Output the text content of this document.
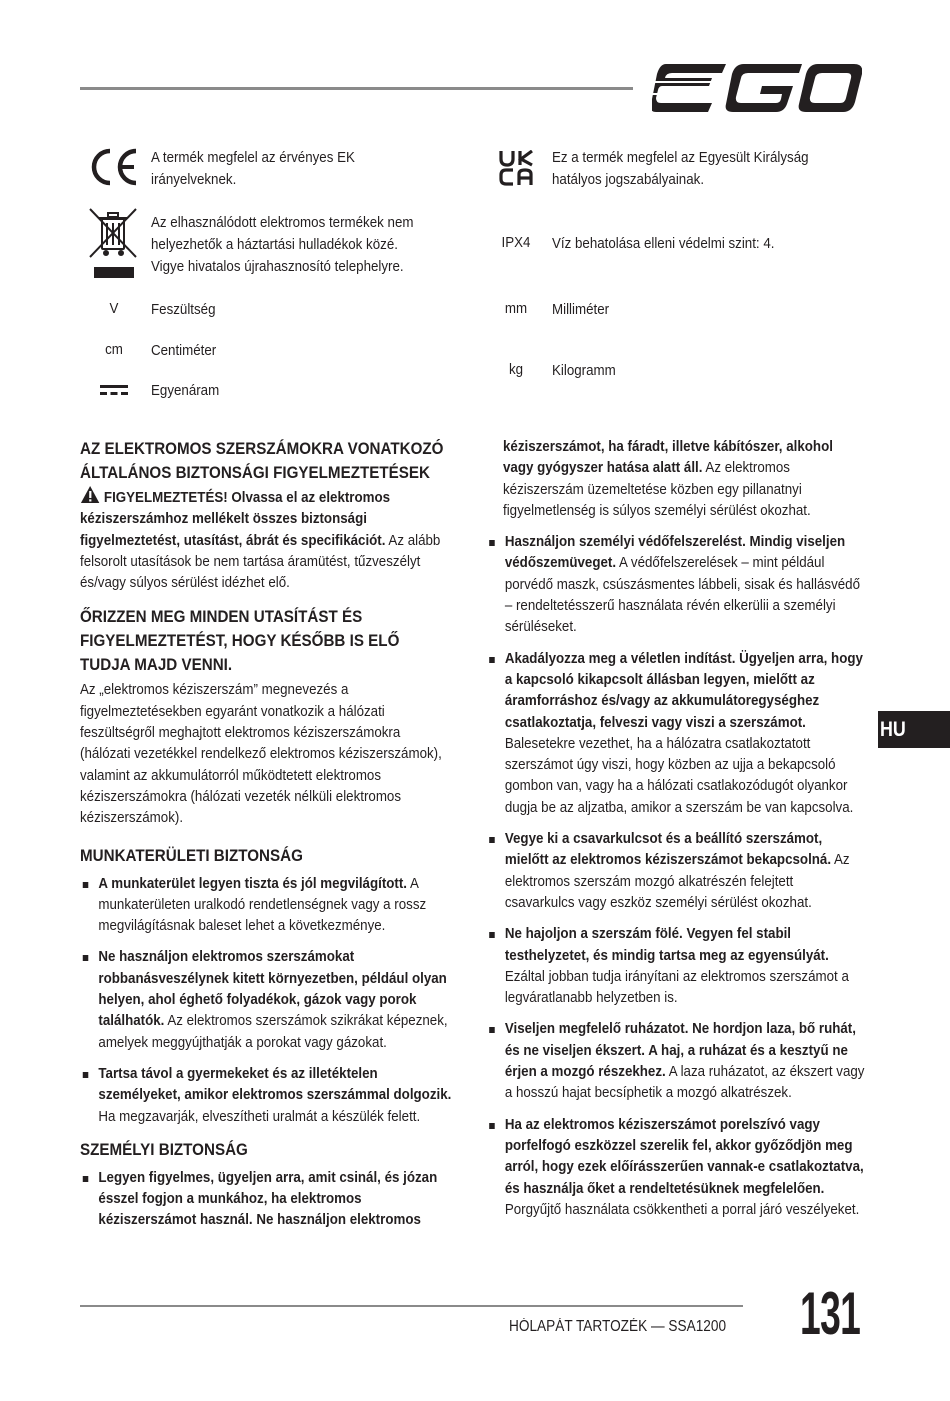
A termék megfelel az érvényes EK
irányelveknek.
Az elhasználódott elektromos termékek nem
helyezhetők a háztartási hulladékok közé.
Vigye hivatalos újrahasznosító telephelyre.
V	Feszültség
cm	Centiméter
Egyenáram
Ez a termék megfelel az Egyesült Királyság
hatályos jogszabályainak.
IPX4	Víz behatolása elleni védelmi szint: 4.
mm	Milliméter
kg	Kilogramm
AZ ELEKTROMOS SZERSZÁMOKRA VONATKOZÓ ÁLTALÁNOS BIZTONSÁGI FIGYELMEZTETÉSEK

FIGYELMEZTETÉS! Olvassa el az elektromos kéziszerszámhoz mellékelt összes biztonsági figyelmeztetést, utasítást, ábrát és specifikációt. Az alább felsorolt utasítások be nem tartása áramütést, tűzveszélyt és/vagy súlyos sérülést idézhet elő.

ŐRIZZEN MEG MINDEN UTASÍTÁST ÉS FIGYELMEZTETÉST, HOGY KÉSŐBB IS ELŐ TUDJA MAJD VENNI.

Az „elektromos kéziszerszám” megnevezés a figyelmeztetésekben egyaránt vonatkozik a hálózati feszültségről meghajtott elektromos kéziszerszámokra (hálózati vezetékkel rendelkező elektromos kéziszerszámok), valamint az akkumulátorról működtetett elektromos kéziszerszámokra (hálózati vezeték nélküli elektromos kéziszerszámok).

MUNKATERÜLETI BIZTONSÁG
A munkaterület legyen tiszta és jól megvilágított. A munkaterületen uralkodó rendetlenségnek vagy a rossz megvilágításnak baleset lehet a következménye.
Ne használjon elektromos szerszámokat robbanásveszélynek kitett környezetben, például olyan helyen, ahol éghető folyadékok, gázok vagy porok találhatók. Az elektromos szerszámok szikrákat képeznek, amelyek meggyújthatják a porokat vagy gázokat.
Tartsa távol a gyermekeket és az illetéktelen személyeket, amikor elektromos szerszámmal dolgozik. Ha megzavarják, elveszítheti uralmát a készülék felett.
SZEMÉLYI BIZTONSÁG
Legyen figyelmes, ügyeljen arra, amit csinál, és józan ésszel fogjon a munkához, ha elektromos kéziszerszámot használ. Ne használjon elektromos

kéziszerszámot, ha fáradt, illetve kábítószer, alkohol vagy gyógyszer hatása alatt áll. Az elektromos kéziszerszám üzemeltetése közben egy pillanatnyi figyelmetlenség is súlyos személyi sérülést okozhat.

Használjon személyi védőfelszerelést. Mindig viseljen védőszemüveget. A védőfelszerelések – mint például porvédő maszk, csúszásmentes lábbeli, sisak és hallásvédő – rendeltetésszerű használata révén elkerülii a személyi sérüléseket.
Akadályozza meg a véletlen indítást. Ügyeljen arra, hogy a kapcsoló kikapcsolt állásban legyen, mielőtt az áramforráshoz és/vagy az akkumulátoregységhez csatlakoztatja, felveszi vagy viszi a szerszámot. Balesetekre vezethet, ha a hálózatra csatlakoztatott szerszámot úgy viszi, hogy közben az ujja a bekapcsoló gombon van, vagy ha a hálózati csatlakozódugót olyankor dugja be az aljzatba, amikor a szerszám be van kapcsolva.
Vegye ki a csavarkulcsot és a beállító szerszámot, mielőtt az elektromos kéziszerszámot bekapcsolná. Az elektromos szerszám mozgó alkatrészén felejtett csavarkulcs vagy eszköz személyi sérülést okozhat.
Ne hajoljon a szerszám fölé. Vegyen fel stabil testhelyzetet, és mindig tartsa meg az egyensúlyát. Ezáltal jobban tudja irányítani az elektromos szerszámot a legváratlanabb helyzetben is.
Viseljen megfelelő ruházatot. Ne hordjon laza, bő ruhát, és ne viseljen ékszert. A haj, a ruházat és a kesztyű ne érjen a mozgó részekhez. A laza ruházatot, az ékszert vagy a hosszú hajat becsíphetik a mozgó alkatrészek.
Ha az elektromos kéziszerszámot porelszívó vagy porfelfogó eszközzel szerelik fel, akkor győződjön meg arról, hogy ezek előírásszerűen vannak-e csatlakoztatva, és használja őket a rendeltetésüknek megfelelően. Porgyűjtő használata csökkentheti a porral járó veszélyeket.
HU
HÓLAPÁT TARTOZÉK — SSA1200 131
